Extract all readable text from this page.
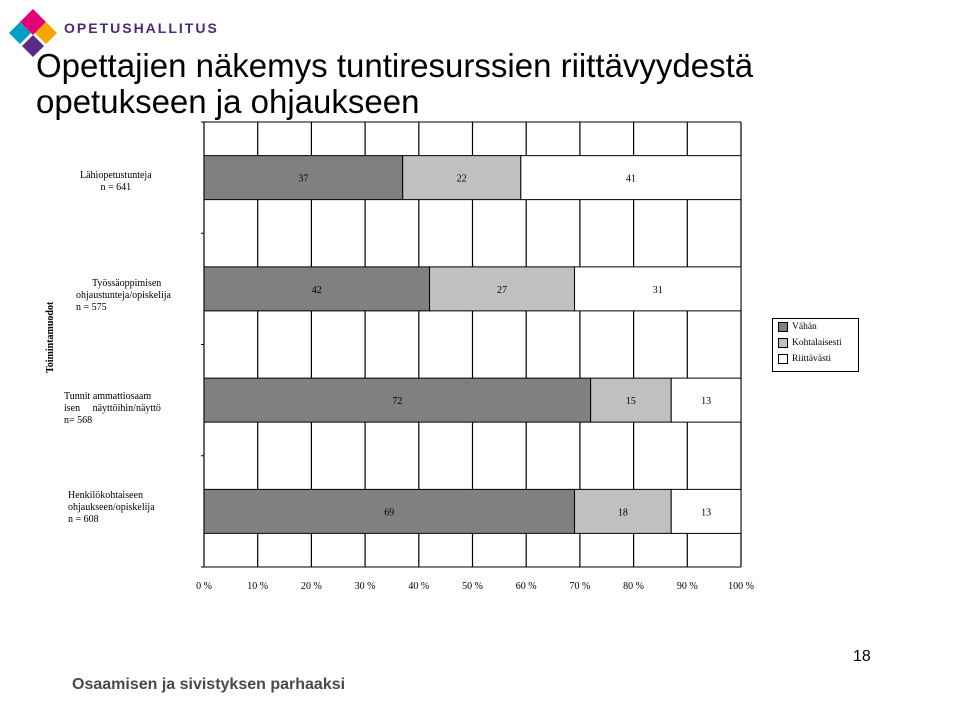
OPETUSHALLITUS
Opettajien näkemys tuntiresurssien riittävyydestä
opetukseen ja ohjaukseen
Toimintamuodot
Lähiopetustunteja
n = 641
Työssäoppimisen
ohjaustunteja/opiskelija
n = 575
Tunnit ammattiosaam
isen     näyttöihin/näyttö
n= 568
Henkilökohtaiseen
ohjaukseen/opiskelija
n = 608
37	22	41
42	27	31
72	15	13
69	18	13
0 %	10 %	20 %	30 %	40 %	50 %	60 %	70 %	80 %	90 %	100 %
Vähän
Kohtalaisesti
Riittävästi
18
Osaamisen ja sivistyksen parhaaksi
